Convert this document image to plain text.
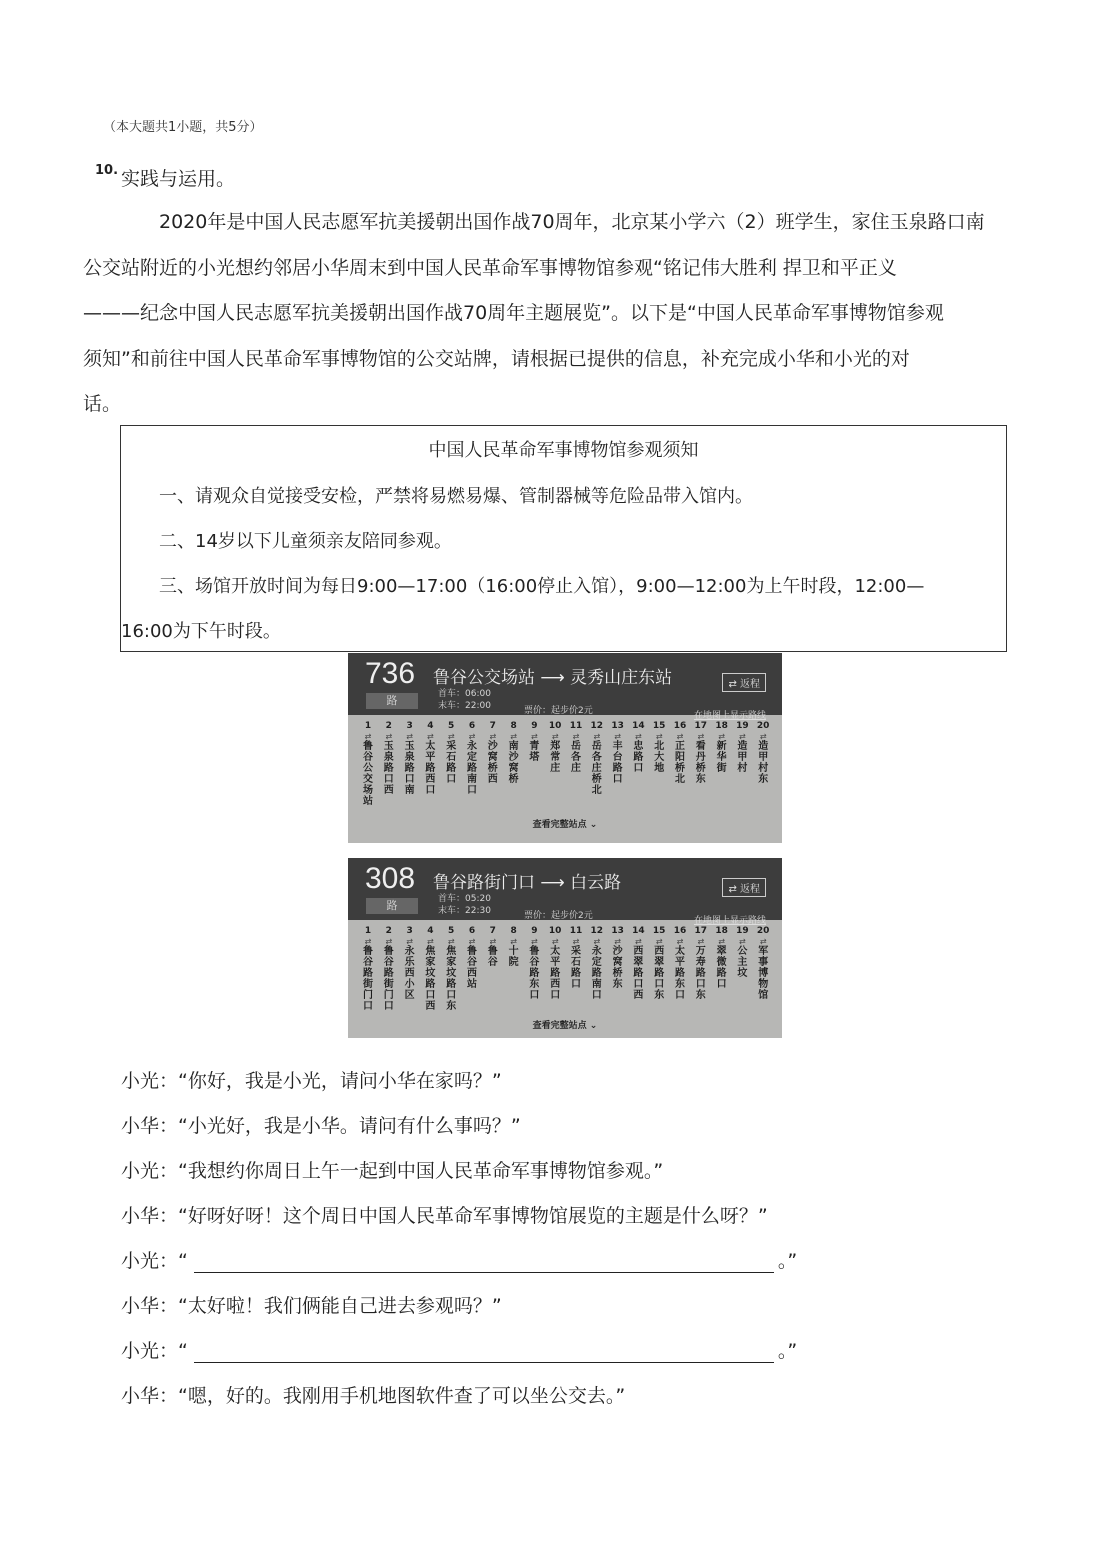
（本大题共1小题，共5分）
10. 实践与运用。

2020年是中国人民志愿军抗美援朝出国作战70周年，北京某小学六（2）班学生，家住玉泉路口南
公交站附近的小光想约邻居小华周末到中国人民革命军事博物馆参观“铭记伟大胜利 捍卫和平正义
———纪念中国人民志愿军抗美援朝出国作战70周年主题展览”。以下是“中国人民革命军事博物馆参观
须知”和前往中国人民革命军事博物馆的公交站牌，请根据已提供的信息，补充完成小华和小光的对
话。

中国人民革命军事博物馆参观须知
一、请观众自觉接受安检，严禁将易燃易爆、管制器械等危险品带入馆内。
二、14岁以下儿童须亲友陪同参观。
三、场馆开放时间为每日9:00—17:00（16:00停止入馆），9:00—12:00为上午时段，12:00—
16:00为下午时段。
736
路
鲁谷公交场站 ⟶ 灵秀山庄东站
首车：06:00
末车：22:00	票价：起步价2元
⇄ 返程
在地图上显示路线
1
⇄
鲁谷公交场站
2
⇄
玉泉路口西
3
⇄
玉泉路口南
4
⇄
太平路西口
5
⇄
采石路口
6
⇄
永定路南口
7
⇄
沙窝桥西
8
⇄
南沙窝桥
9
⇄
青塔
10
⇄
郑常庄
11
⇄
岳各庄
12
⇄
岳各庄桥北
13
⇄
丰台路口
14
⇄
忠路口
15
⇄
北大地
16
⇄
正阳桥北
17
⇄
看丹桥东
18
⇄
新华街
19
⇄
造甲村
20
⇄
造甲村东
查看完整站点 ⌄
308
路
鲁谷路街门口 ⟶ 白云路
首车：05:20
末车：22:30	票价：起步价2元
⇄ 返程
在地图上显示路线
1
⇄
鲁谷路街门口
2
⇄
鲁谷路街门口
3
⇄
永乐西小区
4
⇄
焦家坟路口西
5
⇄
焦家坟路口东
6
⇄
鲁谷西站
7
⇄
鲁谷
8
⇄
十院
9
⇄
鲁谷路东口
10
⇄
太平路西口
11
⇄
采石路口
12
⇄
永定路南口
13
⇄
沙窝桥东
14
⇄
西翠路口西
15
⇄
西翠路口东
16
⇄
太平路东口
17
⇄
万寿路口东
18
⇄
翠微路口
19
⇄
公主坟
20
⇄
军事博物馆
查看完整站点 ⌄
小光：“你好，我是小光，请问小华在家吗？”
小华：“小光好，我是小华。请问有什么事吗？”
小光：“我想约你周日上午一起到中国人民革命军事博物馆参观。”
小华：“好呀好呀！这个周日中国人民革命军事博物馆展览的主题是什么呀？”
小光：“	。”
小华：“太好啦！我们俩能自己进去参观吗？”
小光：“	。”
小华：“嗯，好的。我刚用手机地图软件查了可以坐公交去。”
